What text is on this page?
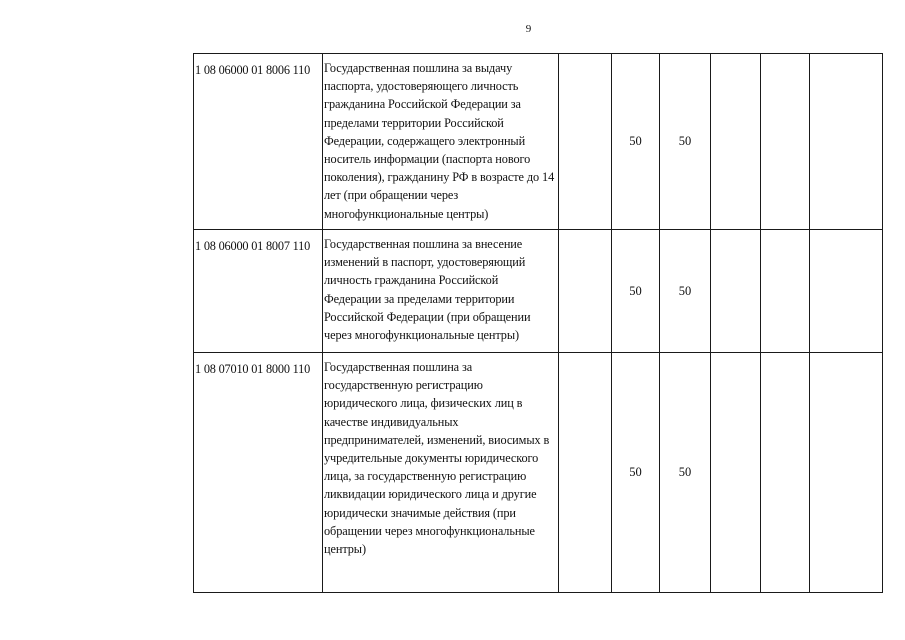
9
1 08 06000 01 8006 110	Государственная пошлина за выдачу паспорта, удостоверяющего личность гражданина Российской Федерации за пределами территории Российской Федерации, содержащего электронный носитель информации (паспорта нового поколения), гражданину РФ в возрасте до 14 лет (при обращении через многофункциональные центры)		50	50			
1 08 06000 01 8007 110	Государственная пошлина за внесение изменений в паспорт, удостоверяющий личность гражданина Российской Федерации за пределами территории Российской Федерации (при обращении через многофункциональные центры)		50	50			
1 08 07010 01 8000 110	Государственная пошлина за государственную регистрацию юридического лица, физических лиц в качестве индивидуальных предпринимателей, изменений, виосимых в учредительные документы юридического лица, за государственную регистрацию ликвидации юридического лица и другие юридически значимые действия (при обращении через многофункциональные центры)		50	50			
